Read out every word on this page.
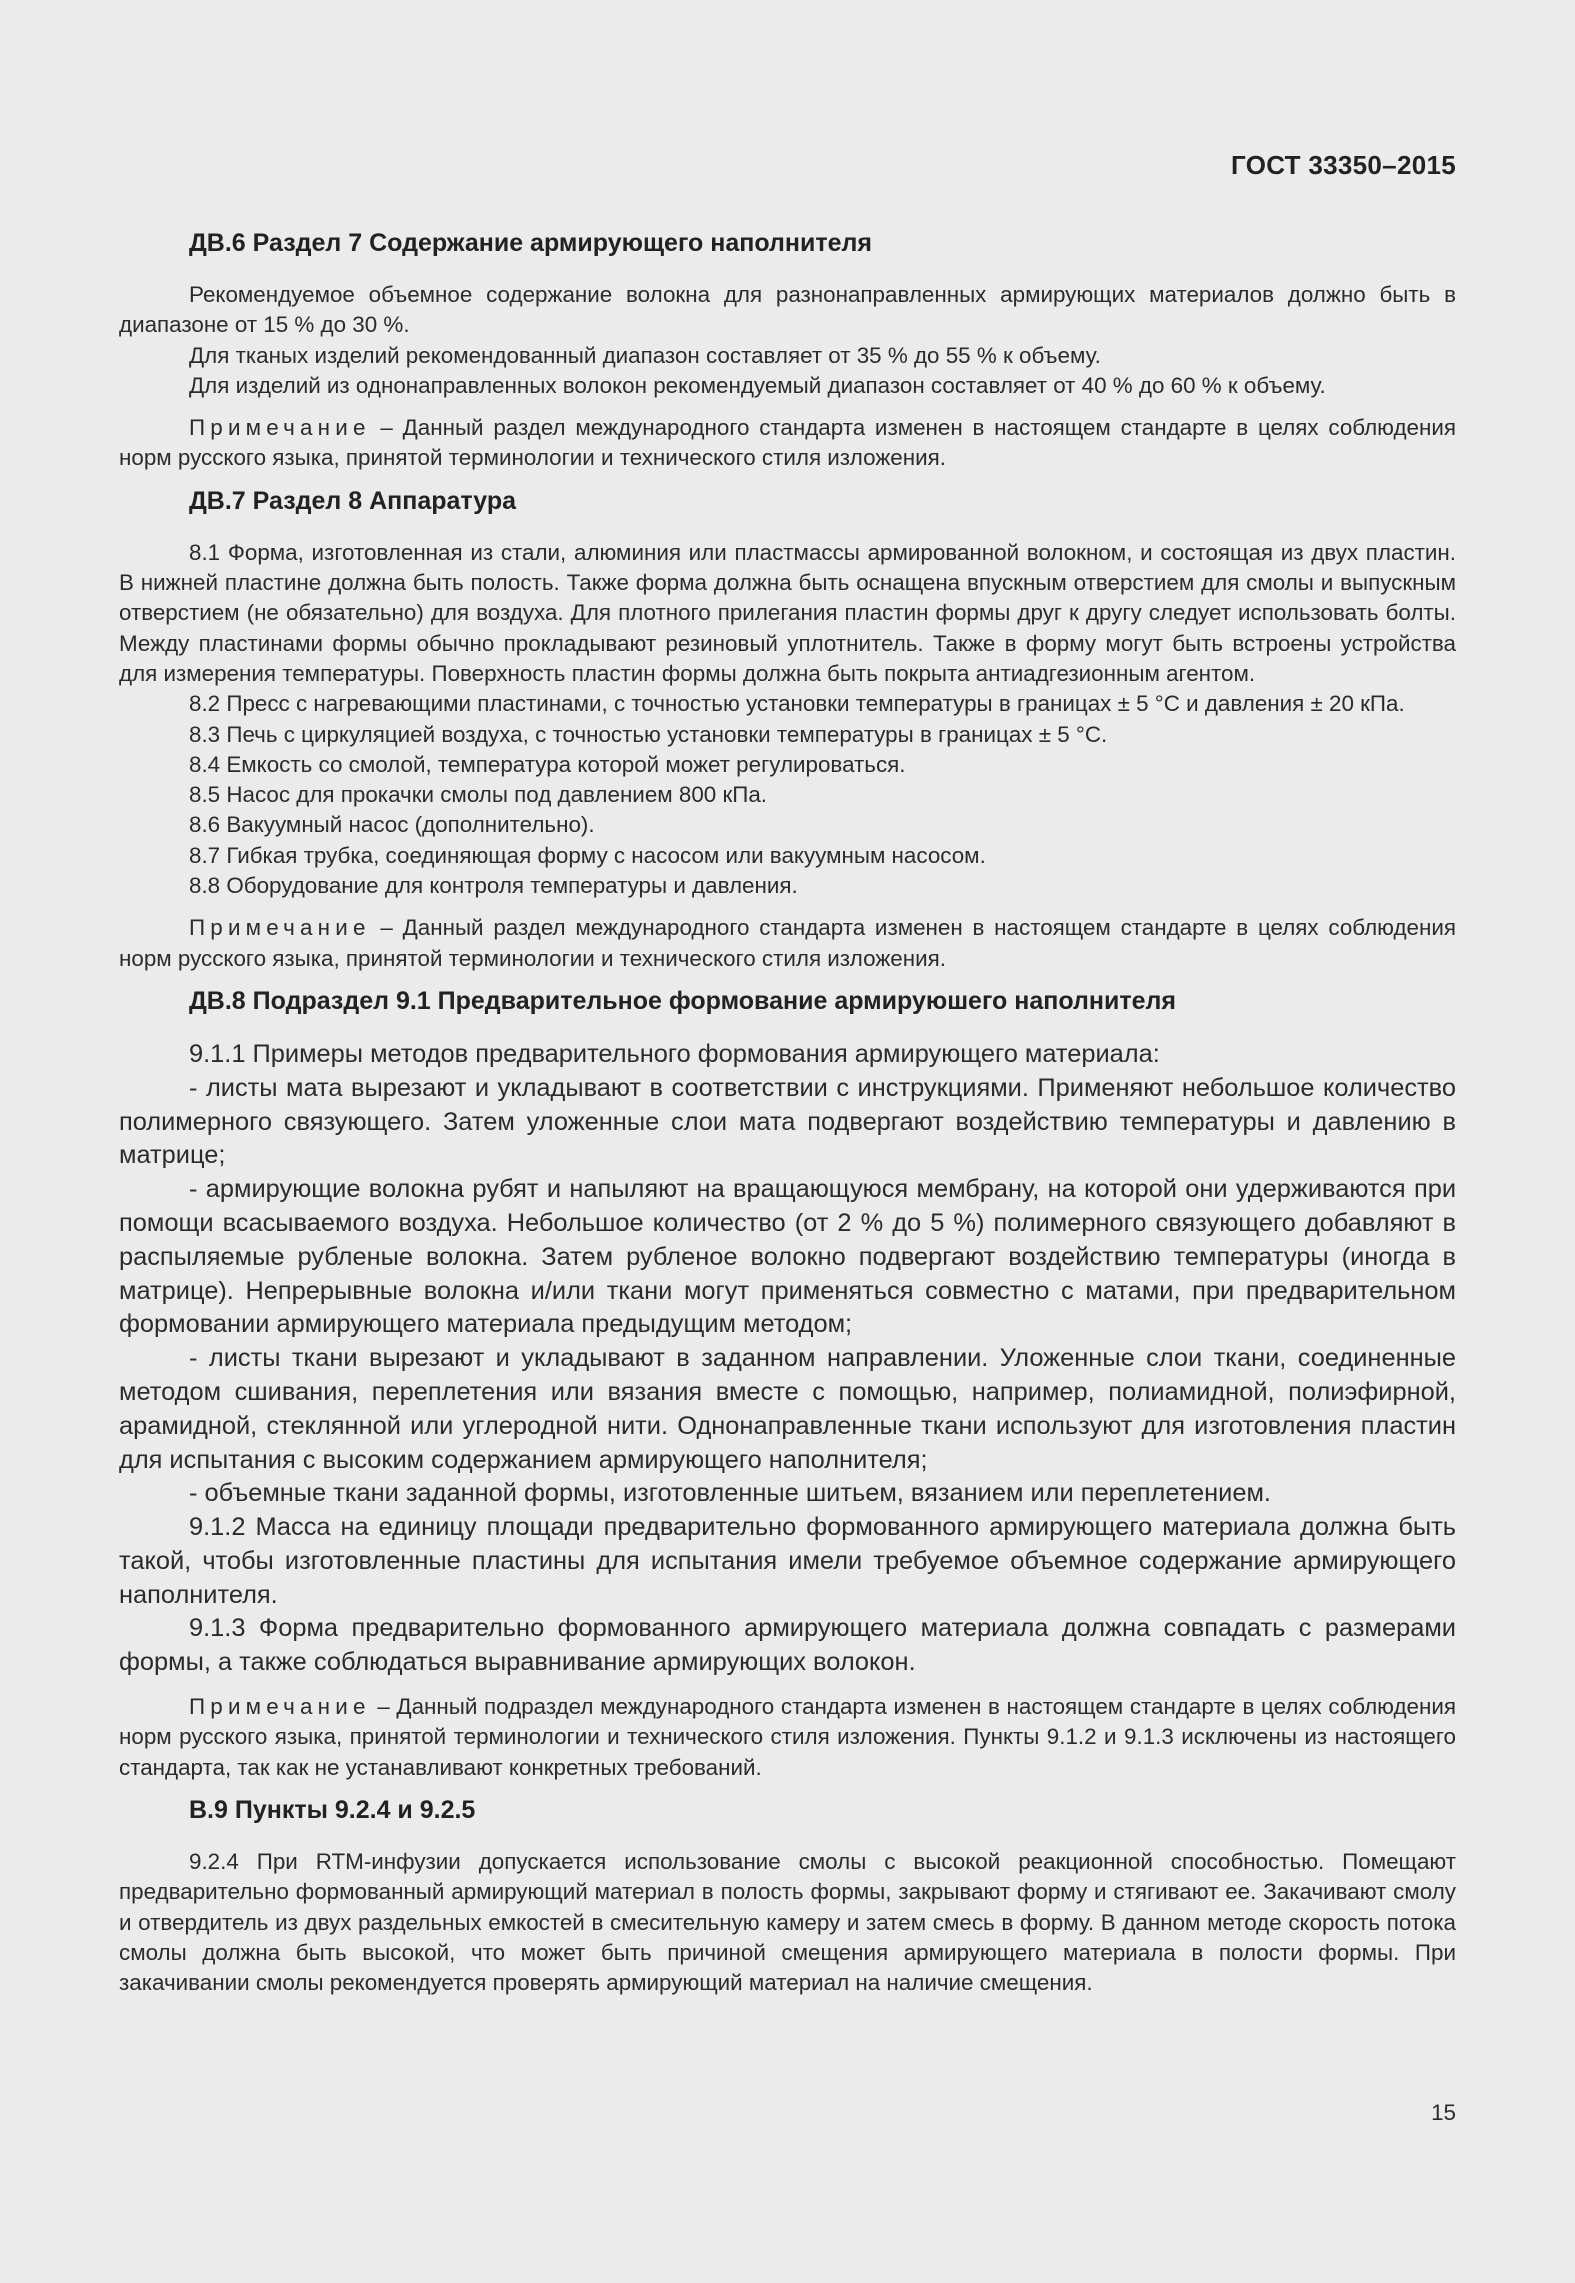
ГОСТ 33350–2015
ДВ.6 Раздел 7 Содержание армирующего наполнителя

Рекомендуемое объемное содержание волокна для разнонаправленных армирующих материалов должно быть в диапазоне от 15 % до 30 %.

Для тканых изделий рекомендованный диапазон составляет от 35 % до 55 % к объему.

Для изделий из однонаправленных волокон рекомендуемый диапазон составляет от 40 % до 60 % к объему.

Примечание – Данный раздел международного стандарта изменен в настоящем стандарте в целях соблюдения норм русского языка, принятой терминологии и технического стиля изложения.

ДВ.7 Раздел 8 Аппаратура

8.1 Форма, изготовленная из стали, алюминия или пластмассы армированной волокном, и состоящая из двух пластин. В нижней пластине должна быть полость. Также форма должна быть оснащена впускным отверстием для смолы и выпускным отверстием (не обязательно) для воздуха. Для плотного прилегания пластин формы друг к другу следует использовать болты. Между пластинами формы обычно прокладывают резиновый уплотнитель. Также в форму могут быть встроены устройства для измерения температуры. Поверхность пластин формы должна быть покрыта антиадгезионным агентом.

8.2 Пресс с нагревающими пластинами, с точностью установки температуры в границах ± 5 °С и давления ± 20 кПа.

8.3 Печь с циркуляцией воздуха, с точностью установки температуры в границах ± 5 °С.

8.4 Емкость со смолой, температура которой может регулироваться.

8.5 Насос для прокачки смолы под давлением 800 кПа.

8.6 Вакуумный насос (дополнительно).

8.7 Гибкая трубка, соединяющая форму с насосом или вакуумным насосом.

8.8 Оборудование для контроля температуры и давления.

Примечание – Данный раздел международного стандарта изменен в настоящем стандарте в целях соблюдения норм русского языка, принятой терминологии и технического стиля изложения.

ДВ.8 Подраздел 9.1 Предварительное формование армируюшего наполнителя

9.1.1 Примеры методов предварительного формования армирующего материала:

- листы мата вырезают и укладывают в соответствии с инструкциями. Применяют небольшое количество полимерного связующего. Затем уложенные слои мата подвергают воздействию температуры и давлению в матрице;

- армирующие волокна рубят и напыляют на вращающуюся мембрану, на которой они удерживаются при помощи всасываемого воздуха. Небольшое количество (от 2 % до 5 %) полимерного связующего добавляют в распыляемые рубленые волокна. Затем рубленое волокно подвергают воздействию температуры (иногда в матрице). Непрерывные волокна и/или ткани могут применяться совместно с матами, при предварительном формовании армирующего материала предыдущим методом;

- листы ткани вырезают и укладывают в заданном направлении. Уложенные слои ткани, соединенные методом сшивания, переплетения или вязания вместе с помощью, например, полиамидной, полиэфирной, арамидной, стеклянной или углеродной нити. Однонаправленные ткани используют для изготовления пластин для испытания с высоким содержанием армирующего наполнителя;

- объемные ткани заданной формы, изготовленные шитьем, вязанием или переплетением.

9.1.2 Масса на единицу площади предварительно формованного армирующего материала должна быть такой, чтобы изготовленные пластины для испытания имели требуемое объемное содержание армирующего наполнителя.

9.1.3 Форма предварительно формованного армирующего материала должна совпадать с размерами формы, а также соблюдаться выравнивание армирующих волокон.

Примечание – Данный подраздел международного стандарта изменен в настоящем стандарте в целях соблюдения норм русского языка, принятой терминологии и технического стиля изложения. Пункты 9.1.2 и 9.1.3 исключены из настоящего стандарта, так как не устанавливают конкретных требований.

В.9 Пункты 9.2.4 и 9.2.5

9.2.4 При RTM-инфузии допускается использование смолы с высокой реакционной способностью. Помещают предварительно формованный армирующий материал в полость формы, закрывают форму и стягивают ее. Закачивают смолу и отвердитель из двух раздельных емкостей в смесительную камеру и затем смесь в форму. В данном методе скорость потока смолы должна быть высокой, что может быть причиной смещения армирующего материала в полости формы. При закачивании смолы рекомендуется проверять армирующий материал на наличие смещения.

15
